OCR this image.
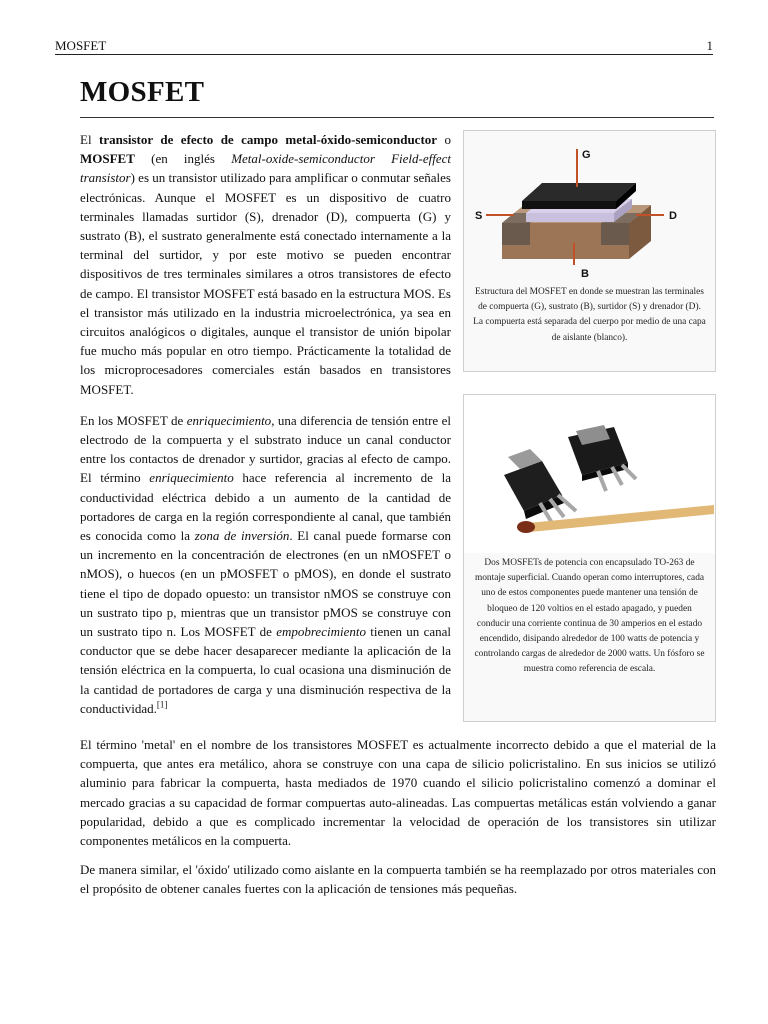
MOSFET	1
MOSFET

El transistor de efecto de campo metal-óxido-semiconductor o MOSFET (en inglés Metal-oxide-semiconductor Field-effect transistor) es un transistor utilizado para amplificar o conmutar señales electrónicas. Aunque el MOSFET es un dispositivo de cuatro terminales llamadas surtidor (S), drenador (D), compuerta (G) y sustrato (B), el sustrato generalmente está conectado internamente a la terminal del surtidor, y por este motivo se pueden encontrar dispositivos de tres terminales similares a otros transistores de efecto de campo. El transistor MOSFET está basado en la estructura MOS. Es el transistor más utilizado en la industria microelectrónica, ya sea en circuitos analógicos o digitales, aunque el transistor de unión bipolar fue mucho más popular en otro tiempo. Prácticamente la totalidad de los microprocesadores comerciales están basados en transistores MOSFET.

En los MOSFET de enriquecimiento, una diferencia de tensión entre el electrodo de la compuerta y el substrato induce un canal conductor entre los contactos de drenador y surtidor, gracias al efecto de campo. El término enriquecimiento hace referencia al incremento de la conductividad eléctrica debido a un aumento de la cantidad de portadores de carga en la región correspondiente al canal, que también es conocida como la zona de inversión. El canal puede formarse con un incremento en la concentración de electrones (en un nMOSFET o nMOS), o huecos (en un pMOSFET o pMOS), en donde el sustrato tiene el tipo de dopado opuesto: un transistor nMOS se construye con un sustrato tipo p, mientras que un transistor pMOS se construye con un sustrato tipo n. Los MOSFET de empobrecimiento tienen un canal conductor que se debe hacer desaparecer mediante la aplicación de la tensión eléctrica en la compuerta, lo cual ocasiona una disminución de la cantidad de portadores de carga y una disminución respectiva de la conductividad.[1]

G
S	D
B
Estructura del MOSFET en donde se muestran las terminales de compuerta (G), sustrato (B), surtidor (S) y drenador (D). La compuerta está separada del cuerpo por medio de una capa de aislante (blanco).
Dos MOSFETs de potencia con encapsulado TO-263 de montaje superficial. Cuando operan como interruptores, cada uno de estos componentes puede mantener una tensión de bloqueo de 120 voltios en el estado apagado, y pueden conducir una corriente continua de 30 amperios en el estado encendido, disipando alrededor de 100 watts de potencia y controlando cargas de alrededor de 2000 watts. Un fósforo se muestra como referencia de escala.

El término 'metal' en el nombre de los transistores MOSFET es actualmente incorrecto debido a que el material de la compuerta, que antes era metálico, ahora se construye con una capa de silicio policristalino. En sus inicios se utilizó aluminio para fabricar la compuerta, hasta mediados de 1970 cuando el silicio policristalino comenzó a dominar el mercado gracias a su capacidad de formar compuertas auto-alineadas. Las compuertas metálicas están volviendo a ganar popularidad, debido a que es complicado incrementar la velocidad de operación de los transistores sin utilizar componentes metálicos en la compuerta.

De manera similar, el 'óxido' utilizado como aislante en la compuerta también se ha reemplazado por otros materiales con el propósito de obtener canales fuertes con la aplicación de tensiones más pequeñas.
